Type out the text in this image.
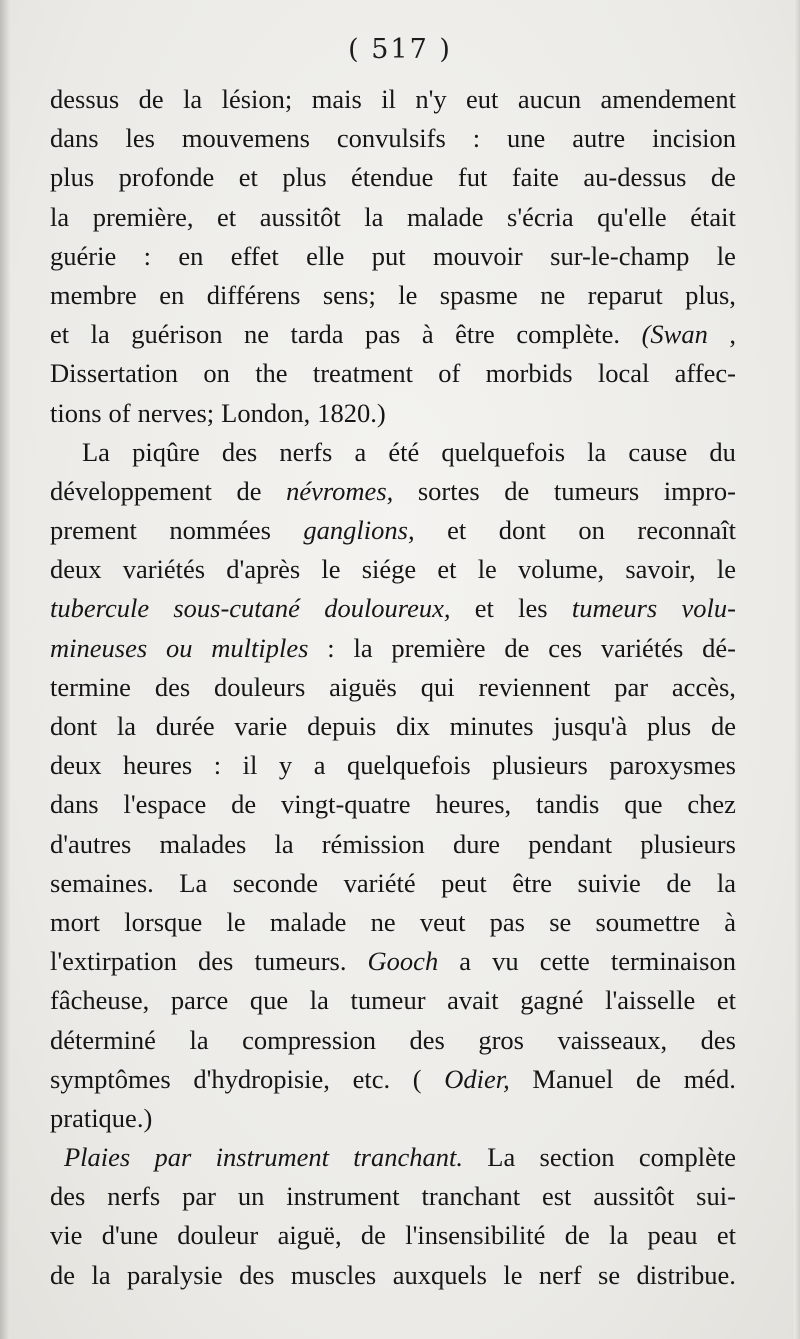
( 517 )
dessus de la lésion; mais il n'y eut aucun amendement
dans les mouvemens convulsifs : une autre incision
plus profonde et plus étendue fut faite au-dessus de
la première, et aussitôt la malade s'écria qu'elle était
guérie : en effet elle put mouvoir sur-le-champ le
membre en différens sens; le spasme ne reparut plus,
et la guérison ne tarda pas à être complète. (Swan ,
Dissertation on the treatment of morbids local affec-
tions of nerves; London, 1820.)
La piqûre des nerfs a été quelquefois la cause du
développement de névromes, sortes de tumeurs impro-
prement nommées ganglions, et dont on reconnaît
deux variétés d'après le siége et le volume, savoir, le
tubercule sous-cutané douloureux, et les tumeurs volu-
mineuses ou multiples : la première de ces variétés dé-
termine des douleurs aiguës qui reviennent par accès,
dont la durée varie depuis dix minutes jusqu'à plus de
deux heures : il y a quelquefois plusieurs paroxysmes
dans l'espace de vingt-quatre heures, tandis que chez
d'autres malades la rémission dure pendant plusieurs
semaines. La seconde variété peut être suivie de la
mort lorsque le malade ne veut pas se soumettre à
l'extirpation des tumeurs. Gooch a vu cette terminaison
fâcheuse, parce que la tumeur avait gagné l'aisselle et
déterminé la compression des gros vaisseaux, des
symptômes d'hydropisie, etc. ( Odier, Manuel de méd.
pratique.)
Plaies par instrument tranchant. La section complète
des nerfs par un instrument tranchant est aussitôt sui-
vie d'une douleur aiguë, de l'insensibilité de la peau et
de la paralysie des muscles auxquels le nerf se distribue.
